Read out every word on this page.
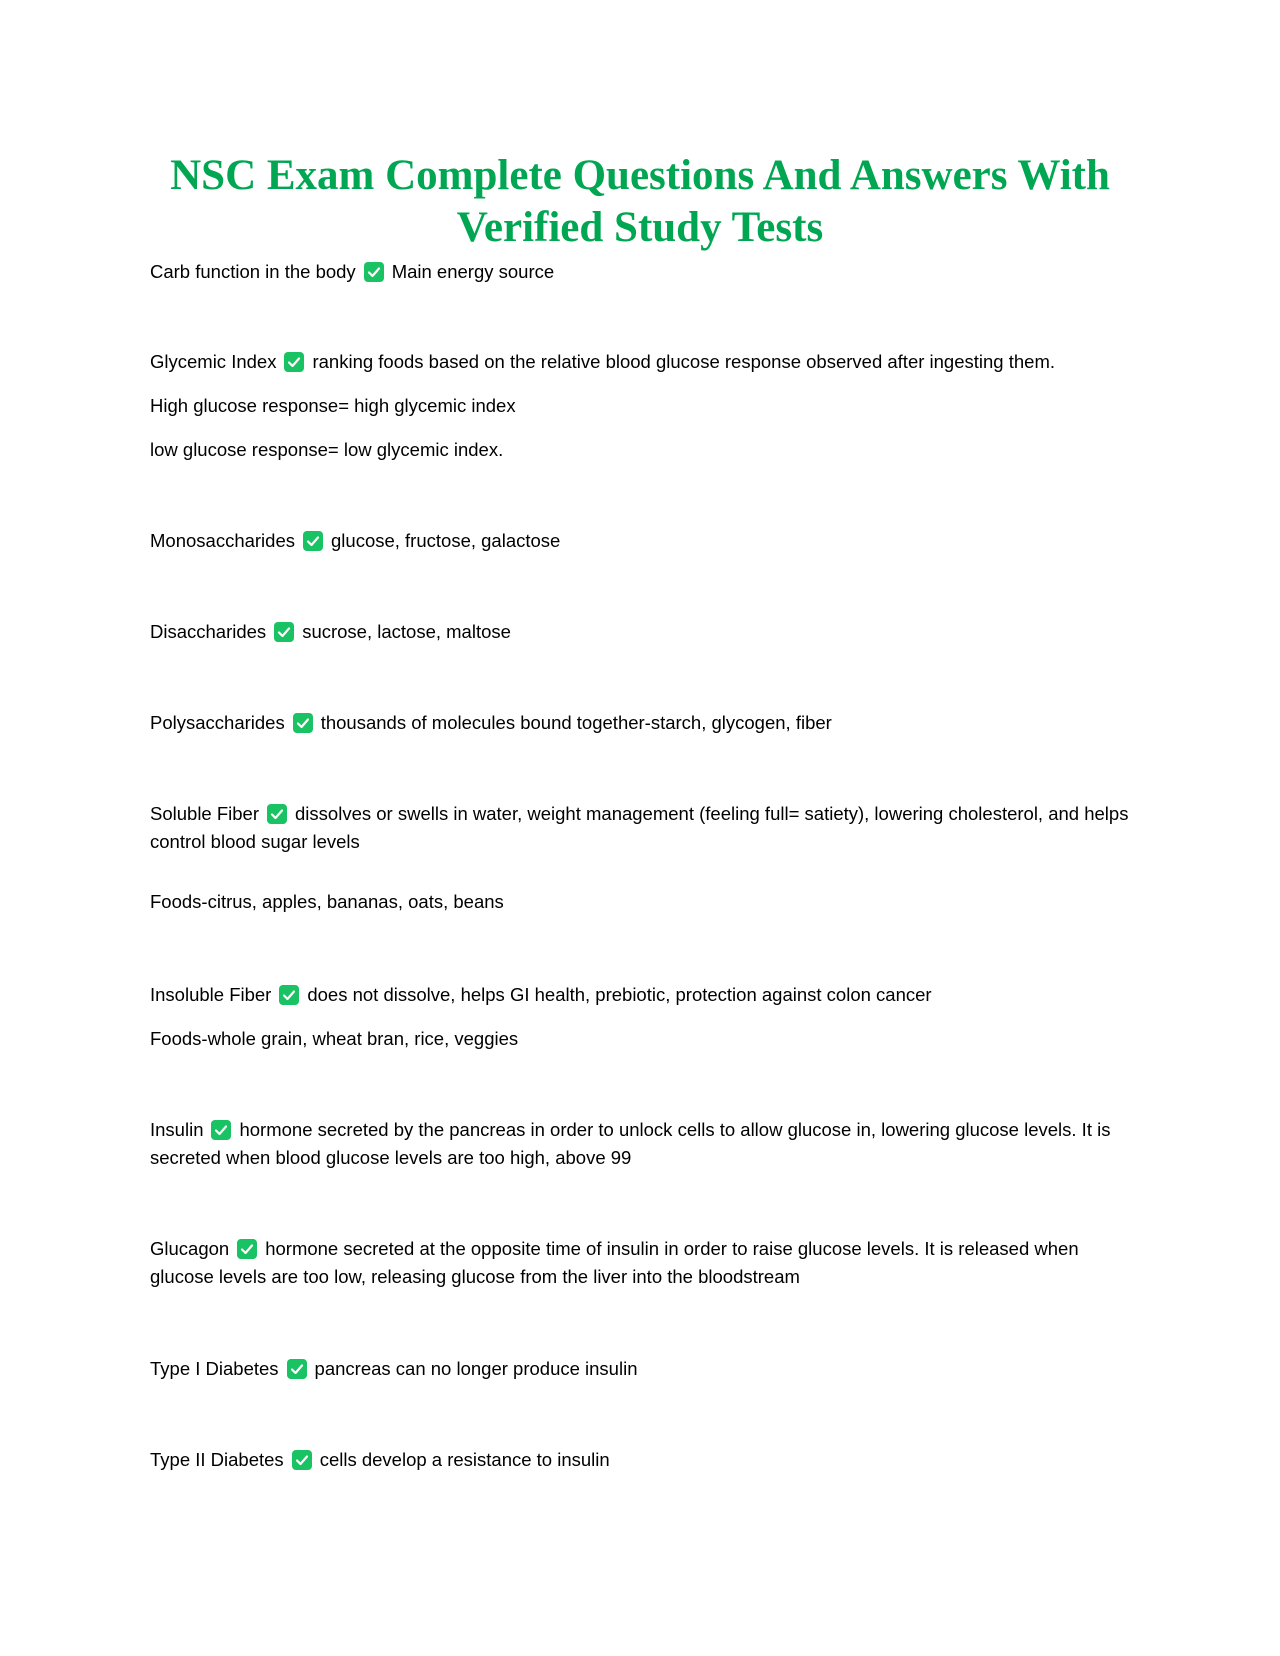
NSC Exam Complete Questions And Answers With
Verified Study Tests

Carb function in the body Main energy source

Glycemic Index ranking foods based on the relative blood glucose response observed after ingesting them.

High glucose response= high glycemic index

low glucose response= low glycemic index.

Monosaccharides glucose, fructose, galactose

Disaccharides sucrose, lactose, maltose

Polysaccharides thousands of molecules bound together-starch, glycogen, fiber

Soluble Fiber dissolves or swells in water, weight management (feeling full= satiety), lowering cholesterol, and helps control blood sugar levels

Foods-citrus, apples, bananas, oats, beans

Insoluble Fiber does not dissolve, helps GI health, prebiotic, protection against colon cancer

Foods-whole grain, wheat bran, rice, veggies

Insulin hormone secreted by the pancreas in order to unlock cells to allow glucose in, lowering glucose levels. It is secreted when blood glucose levels are too high, above 99

Glucagon hormone secreted at the opposite time of insulin in order to raise glucose levels. It is released when glucose levels are too low, releasing glucose from the liver into the bloodstream

Type I Diabetes pancreas can no longer produce insulin

Type II Diabetes cells develop a resistance to insulin
